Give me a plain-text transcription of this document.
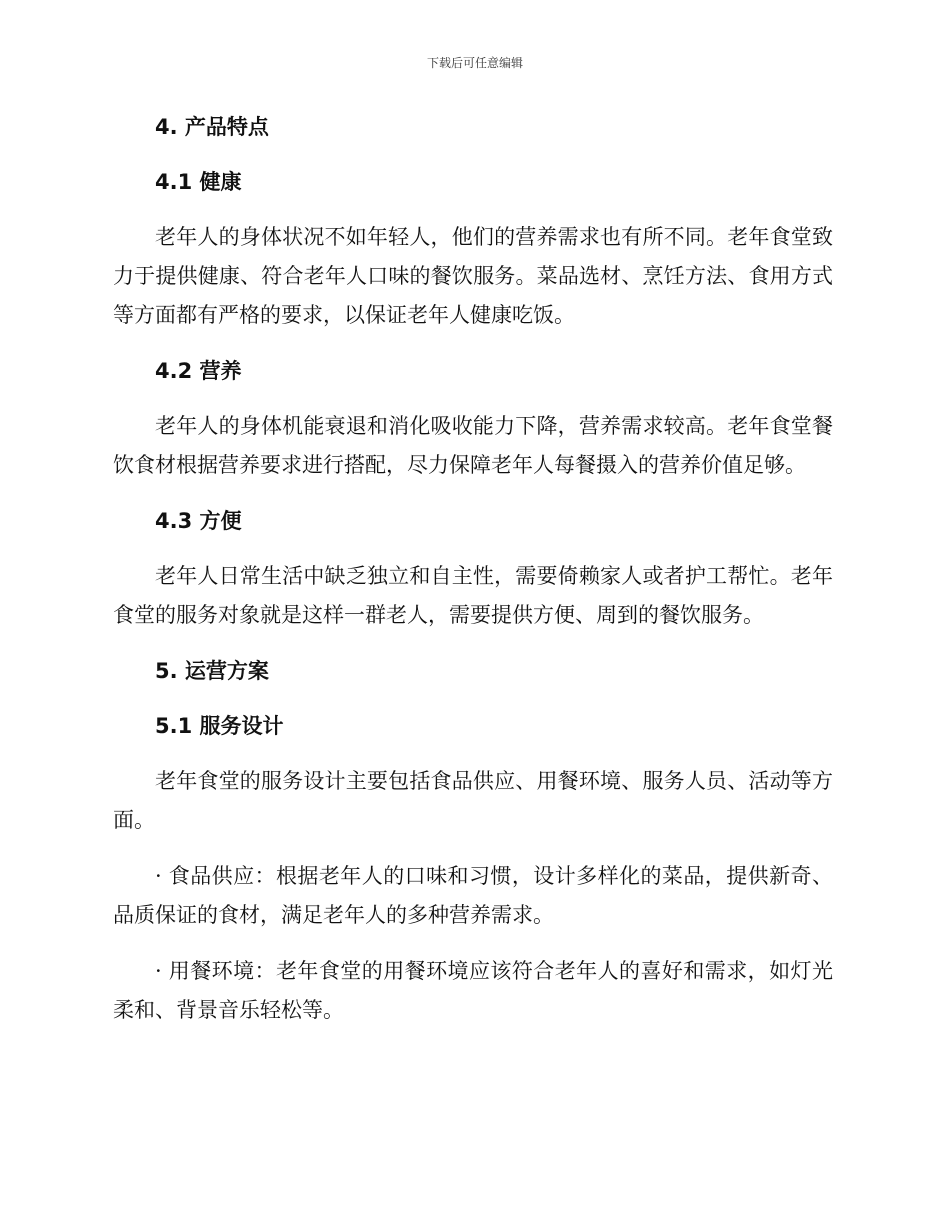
下载后可任意编辑
4. 产品特点
4.1 健康

老年人的身体状况不如年轻人，他们的营养需求也有所不同。老年食堂致力于提供健康、符合老年人口味的餐饮服务。菜品选材、烹饪方法、食用方式等方面都有严格的要求，以保证老年人健康吃饭。

4.2 营养

老年人的身体机能衰退和消化吸收能力下降，营养需求较高。老年食堂餐饮食材根据营养要求进行搭配，尽力保障老年人每餐摄入的营养价值足够。

4.3 方便

老年人日常生活中缺乏独立和自主性，需要倚赖家人或者护工帮忙。老年食堂的服务对象就是这样一群老人，需要提供方便、周到的餐饮服务。

5. 运营方案
5.1 服务设计

老年食堂的服务设计主要包括食品供应、用餐环境、服务人员、活动等方面。

· 食品供应：根据老年人的口味和习惯，设计多样化的菜品，提供新奇、品质保证的食材，满足老年人的多种营养需求。

· 用餐环境：老年食堂的用餐环境应该符合老年人的喜好和需求，如灯光柔和、背景音乐轻松等。
